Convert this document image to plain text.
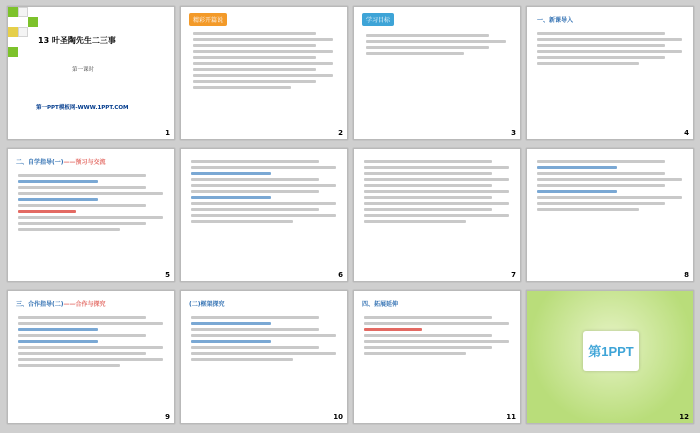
13 叶圣陶先生二三事
第一课时
第一PPT模板网-WWW.1PPT.COM
1
精彩开篇说
2
学习目标
3
一、新课导入
4
二、自学指导(一)——预习与交流
5	6	7	8
三、合作指导(二)——合作与探究
9
(二)框架探究
10
四、拓展延伸
11
第1PPT
12
